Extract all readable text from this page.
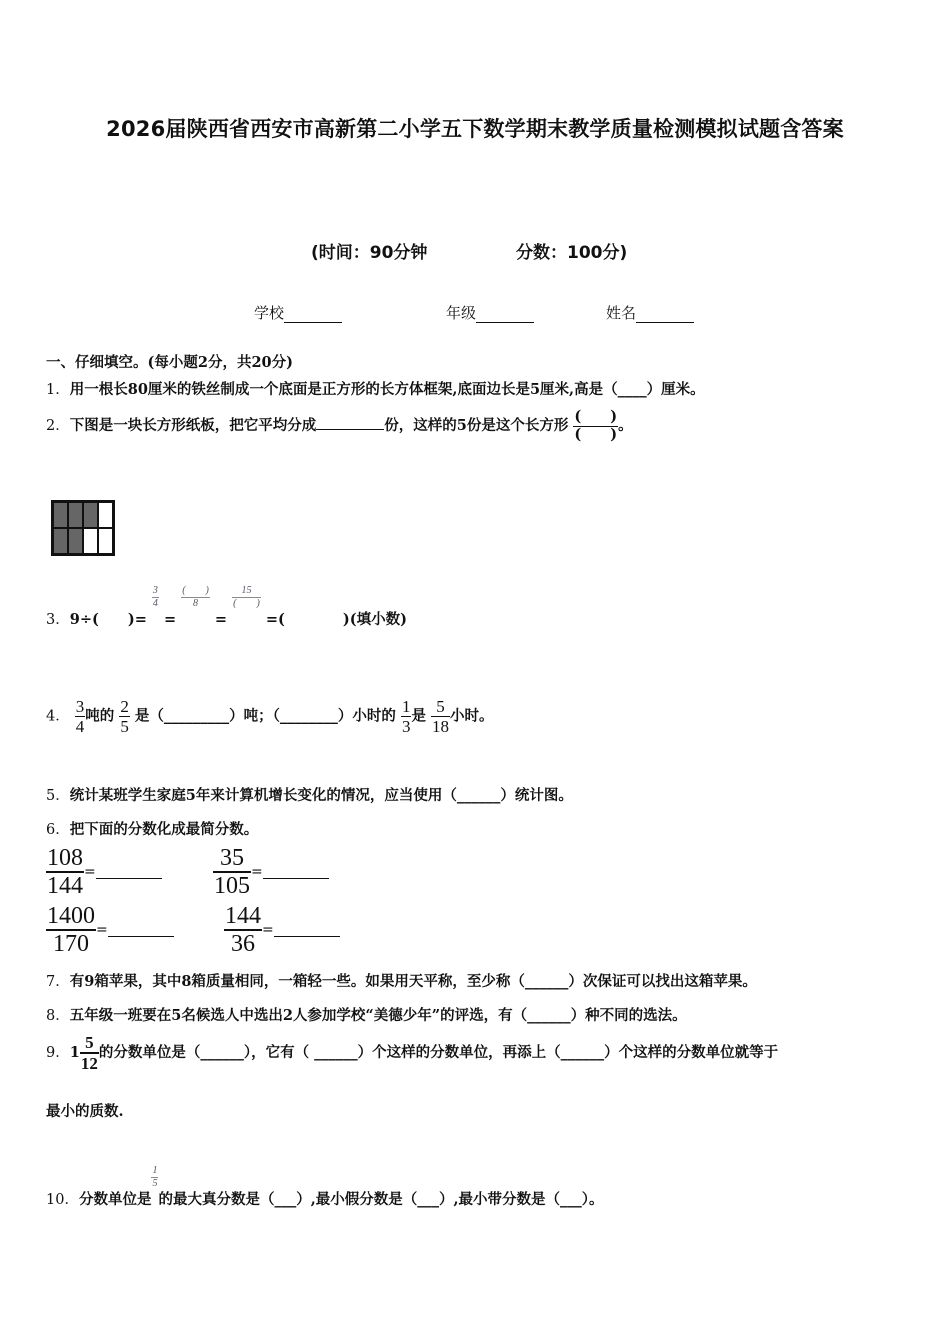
2026届陕西省西安市高新第二小学五下数学期末教学质量检测模拟试题含答案
(时间：90分钟	分数：100分)
学校	年级	姓名
一、仔细填空。(每小题2分，共20分)
1．用一根长80厘米的铁丝制成一个底面是正方形的长方体框架,底面边长是5厘米,高是（____）厘米。
2．下图是一块长方形纸板，把它平均分成	份，这样的5份是这个长方形 $\frac{( )}{( )}$ 。
3．9÷(　　)=
$\frac{3}{4}$
=
$\frac{( )}{8}$
=
$\frac{15}{( )}$
=(　　　　)(填小数)
4． $\frac{3}{4}$ 吨的 $\frac{2}{5}$ 是（_________）吨；（________）小时的 $\frac{1}{3}$ 是 $\frac{5}{18}$ 小时。
5．统计某班学生家庭5年来计算机增长变化的情况，应当使用（______）统计图。
6．把下面的分数化成最简分数。
$\frac{108}{144}$ =	$\frac{35}{105}$ =
$\frac{1400}{170}$ =	$\frac{144}{36}$ =
7．有9箱苹果，其中8箱质量相同，一箱轻一些。如果用天平称，至少称（______）次保证可以找出这箱苹果。
8．五年级一班要在5名候选人中选出2人参加学校“美德少年”的评选，有（______）种不同的选法。
9．$1 \frac{5}{12}$ 的分数单位是（______），它有（ ______）个这样的分数单位，再添上（______）个这样的分数单位就等于
最小的质数.
10．分数单位是
$\frac{1}{5}$
的最大真分数是（___）,最小假分数是（___）,最小带分数是（___）。
